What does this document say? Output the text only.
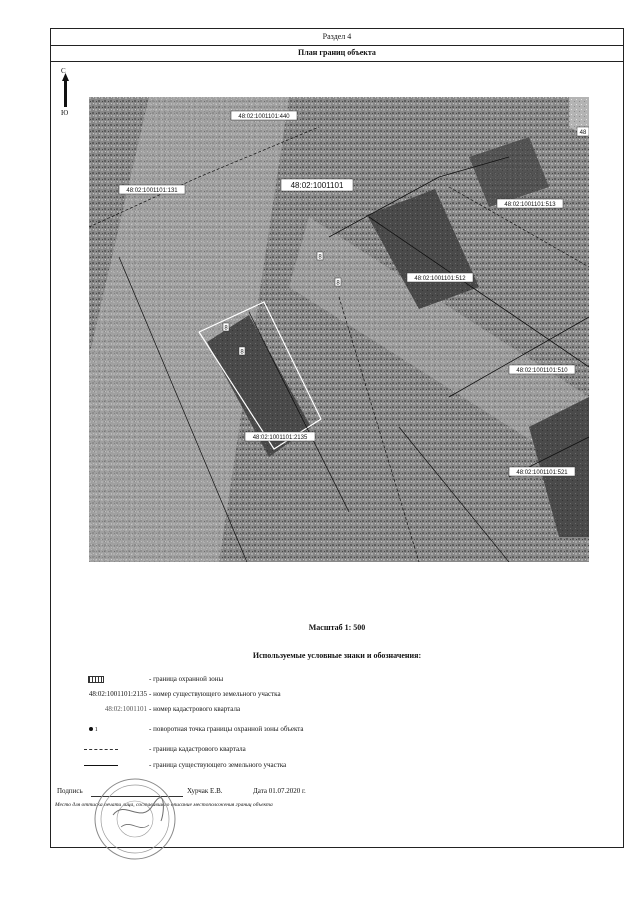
Раздел 4
План границ объекта
С
Ю	48:02:1001101:440
48:02:1001101:131
48:02:1001101
48:02:1001101:513
48:02:1001101:512
48:02:1001101:510
48:02:1001101:2135
48:02:1001101:521
48
8
8
8
8
Масштаб 1: 500
Используемые условные знаки и обозначения:
- граница охранной зоны
48:02:1001101:2135 - номер существующего земельного участка
48:02:1001101 - номер кадастрового квартала
1	- поворотная точка границы охранной зоны объекта
- граница кадастрового квартала
- граница существующего земельного участка
Подпись	Хурчак Е.В.	Дата 01.07.2020 г.
Место для оттиска печати лица, составившего описание местоположения границ объекта
